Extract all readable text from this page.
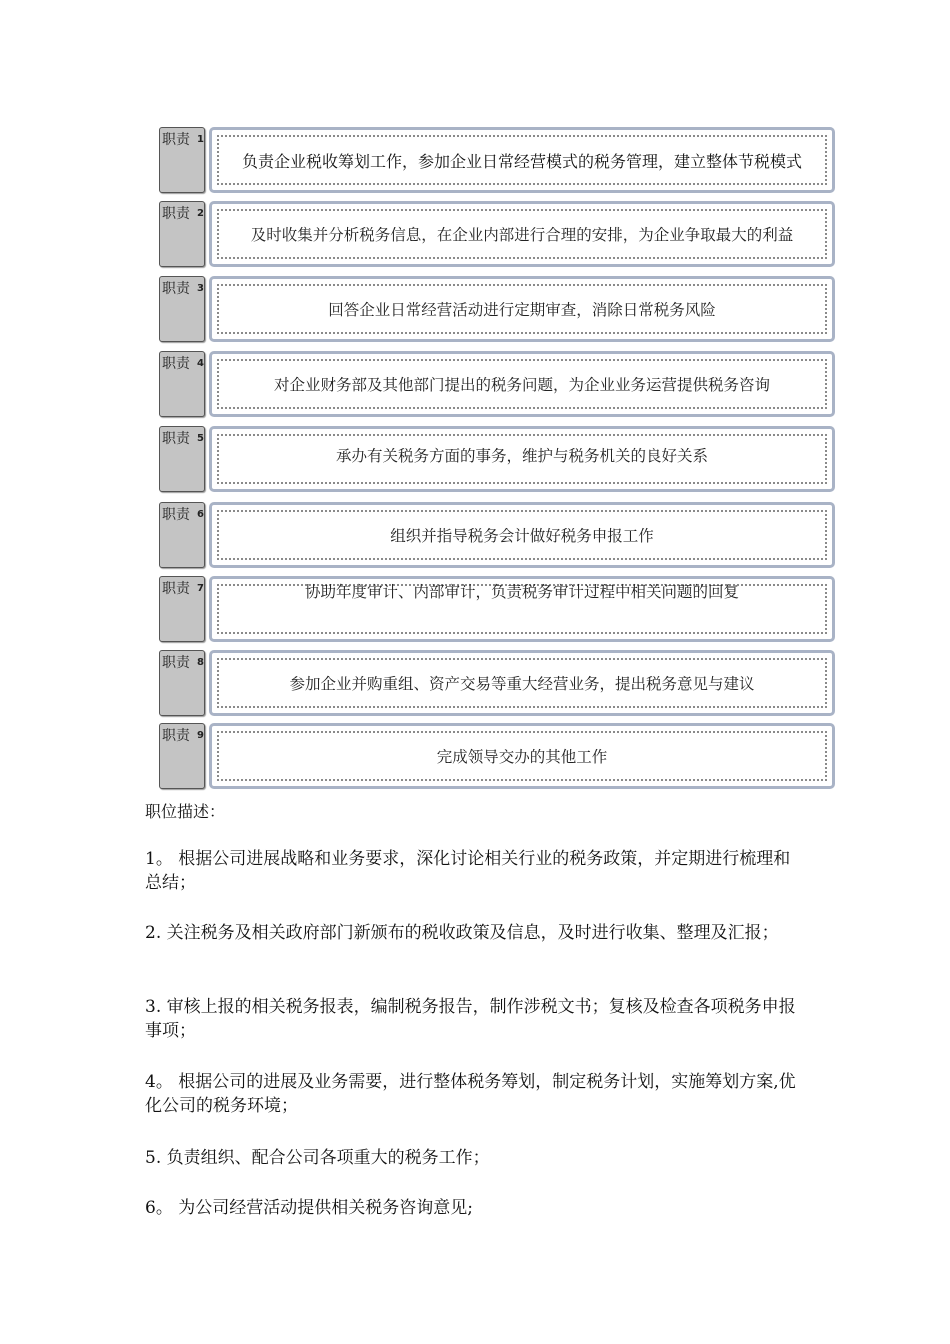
职责 1
负责企业税收筹划工作，参加企业日常经营模式的税务管理，建立整体节税模式
职责 2
及时收集并分析税务信息，在企业内部进行合理的安排，为企业争取最大的利益
职责 3
回答企业日常经营活动进行定期审查，消除日常税务风险
职责 4
对企业财务部及其他部门提出的税务问题，为企业业务运营提供税务咨询
职责 5
承办有关税务方面的事务，维护与税务机关的良好关系
职责 6
组织并指导税务会计做好税务申报工作
职责 7	协助年度审计、内部审计，负责税务审计过程中相关问题的回复
职责 8
参加企业并购重组、资产交易等重大经营业务，提出税务意见与建议
职责 9
完成领导交办的其他工作
职位描述：
1。 根据公司进展战略和业务要求，深化讨论相关行业的税务政策，并定期进行梳理和总结；
2. 关注税务及相关政府部门新颁布的税收政策及信息，及时进行收集、整理及汇报；
3. 审核上报的相关税务报表，编制税务报告，制作涉税文书；复核及检查各项税务申报事项；
4。 根据公司的进展及业务需要，进行整体税务筹划，制定税务计划，实施筹划方案,优化公司的税务环境；
5. 负责组织、配合公司各项重大的税务工作；
6。 为公司经营活动提供相关税务咨询意见;
